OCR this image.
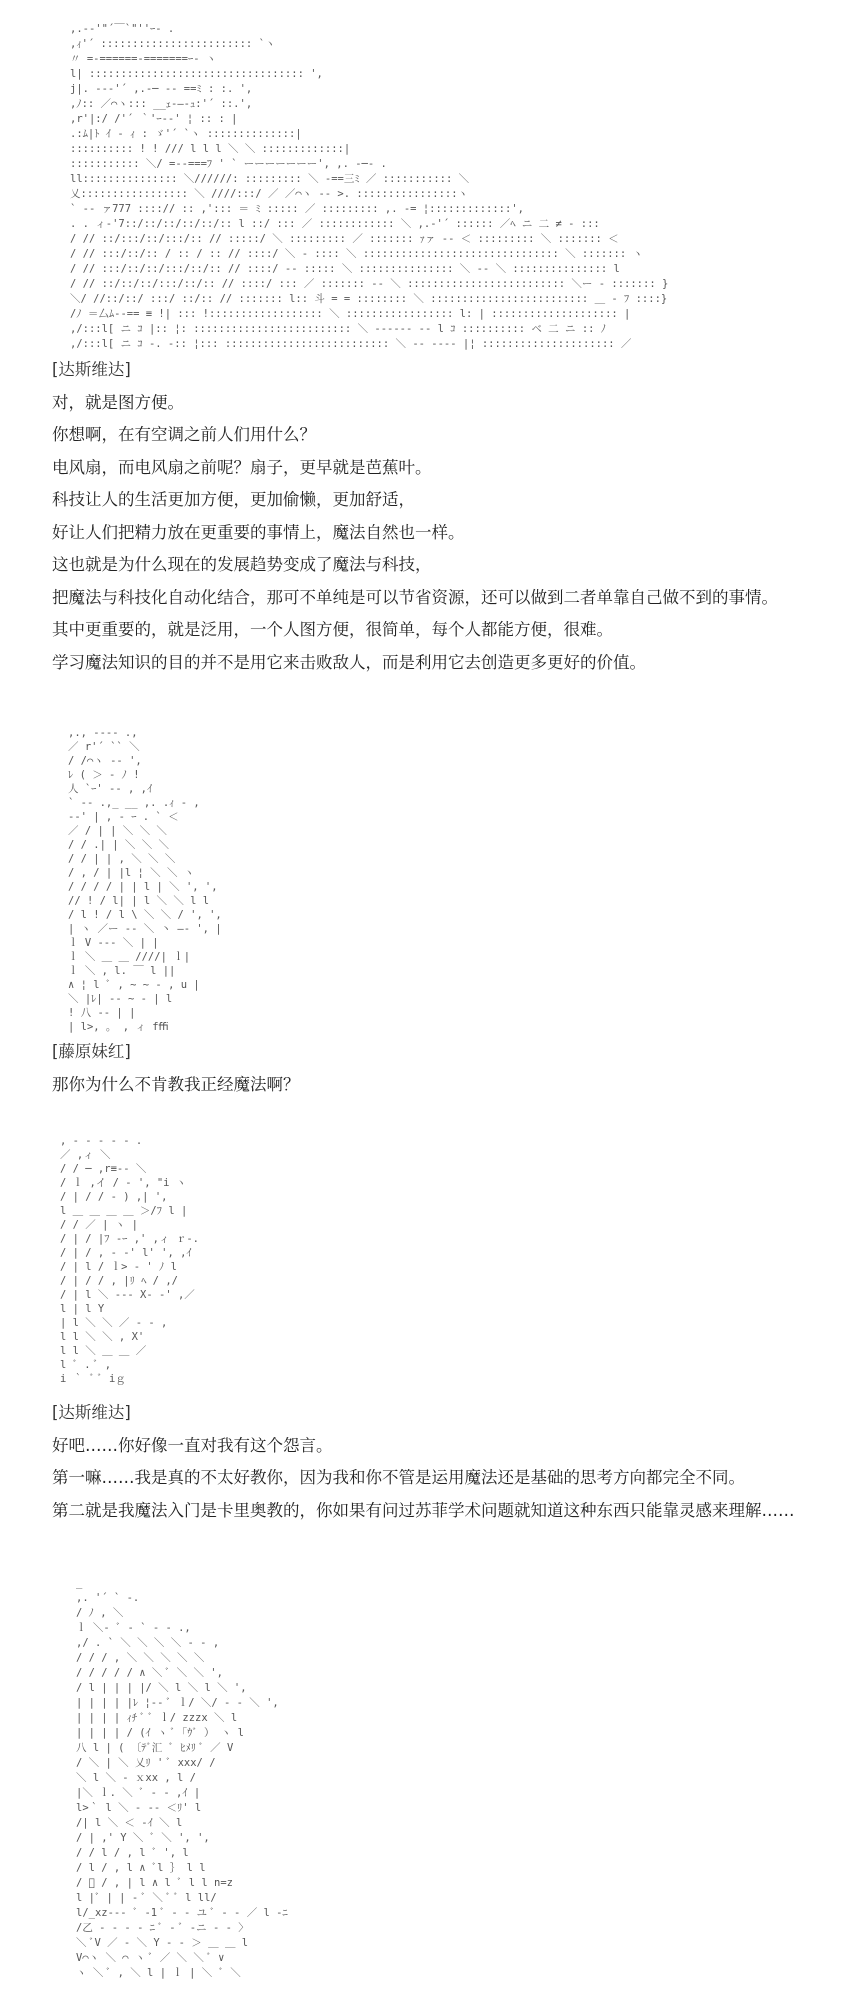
,.-‐'"´￣`"''ｰ- .
,ｨ'´ :::::::::::::::::::::::: `ヽ
〃 =-======-=======ｰ- ヽ
l| :::::::::::::::::::::::::::::::::: ',
j|. ‐-‐'´ ,.-─ -- ==ﾐ : :. ',
,ﾉ:: ／⌒ヽ::: __ｪ-―-ｭ:'´ ::.',
,r'|:/ /'´ ｀'ｰ-‐' ¦ :: : |
.:ﾑ|ﾄ ｲ - ｨ : ゞ'´ `ヽ ::::::::::::::|
:::::::::: ! ! /// l l l ＼ ＼ :::::::::::::|
::::::::::: ＼/ =-‐===ﾌ ' ` ーーーーーーー', ,. -─- .
ll::::::::::::::: ＼//////: ::::::::: ＼ ‐==三ﾐ ／ ::::::::::: ＼
乂::::::::::::::::: ＼ ////:::/ ／ ／⌒ヽ ‐- >. ::::::::::::::::ヽ
` ‐- ァ777 ::::// :: ,'::: ＝ ﾐ ::::: ／ ::::::::: ,. -= ¦:::::::::::::',
. . ィ‐'7::/::/::/::/::/:: l ::/ ::: ／ :::::::::::: ＼ ,.-'´ :::::: ／ﾍ ニ 二 ≠ ‐ :::
/ // ::/:::/::/:::/:: // :::::/ ＼ ::::::::: ／ ::::::: ｧァ ‐‐ ＜ ::::::::: ＼ ::::::: ＜
/ // :::/::/:: / :: / :: // ::::/ ＼ ‐ :::: ＼ ::::::::::::::::::::::::::::::: ＼ ::::::: ヽ
/ // :::/::/::/:::/::/:: // ::::/ ‐‐ ::::: ＼ ::::::::::::::: ＼ ‐‐ ＼ ::::::::::::::: l
/ // ::/::/::/:::/::/:: // ::::/ ::: ／ ::::::: ‐‐ ＼ ::::::::::::::::::::::::: ＼ー ‐ ::::::: }
＼/ //::/::/ :::/ ::/:: // ::::::: l:: 斗 = = :::::::: ＼ ::::::::::::::::::::::::: ＿ ‐ ﾌ ::::}
/ﾉ ＝厶ﾑ‐‐== ≡ !| ::: !:::::::::::::::::: ＼ ::::::::::::::::: l: | :::::::::::::::::::: |
,/:::l[ ニ ｺ |:: ¦: ::::::::::::::::::::::::: ＼ ‐‐‐‐‐‐ ‐‐ l ｺ :::::::::: ベ 二 ニ :: ﾉ
,/:::l[ ニ ｺ ‐. ‐:: ¦::: :::::::::::::::::::::::::: ＼ ‐‐ ‐‐‐‐ |¦ ::::::::::::::::::::: ／
[达斯维达]
对，就是图方便。
你想啊，在有空调之前人们用什么？
电风扇，而电风扇之前呢？扇子，更早就是芭蕉叶。
科技让人的生活更加方便，更加偷懒，更加舒适，
好让人们把精力放在更重要的事情上，魔法自然也一样。
这也就是为什么现在的发展趋势变成了魔法与科技，
把魔法与科技化自动化结合，那可不单纯是可以节省资源，还可以做到二者单靠自己做不到的事情。
其中更重要的，就是泛用，一个人图方便，很简单，每个人都能方便，很难。
学习魔法知识的目的并不是用它来击败敌人，而是利用它去创造更多更好的价值。
,., ‐‐‐‐ .,
／ r'´ `` ＼
/ /⌒ヽ ‐- ',
ﾚ ( ＞ - ﾉ !
人 `ｰ' ‐- , ,ｲ
` ‐- .,_ __ ,. .ｨ - ,
-‐' | , ‐ ｰ . ` ＜
／ / | | ＼ ＼ ＼
/ / .| | ＼ ＼ ＼
/ / | | , ＼ ＼ ＼
/ , / | |l ¦ ＼ ＼ ヽ
/ / / / | | l | ＼ ', ',
// ! / l| | l ＼ ＼ l l
/ l ! / l \ ＼ ＼ / ', ',
| ヽ ／ー ‐- ＼ 丶 ―‐ ', |
ｌ V ‐‐‐ ＼ | |
ｌ ＼ ＿ ＿ ////| ｌ|
ｌ ＼ , l. ￣ l ||
∧ ¦ l ﾞ , ~ ~ ‐ , u |
＼ |ﾚ| ‐‐ ~ ‐ | l
! 八 ‐‐ | |
| l>, 。 , ィ fﬃ
[藤原妹红]
那你为什么不肯教我正经魔法啊？
, ‐ ‐ - ‐ ‐ .
／ ,ィ ＼
/ / ─ ,r≡‐- ＼
/ ｌ ,イ / - ', "i ヽ
/ | / / ‐ ) ,| ',
l ＿ ＿ ＿ ＿ ＞/ﾌ l |
/ / ／ | ヽ |
/ | / |ﾌ ‐ｰ ,' ,ィ ｒ‐.
/ | / , ‐ ‐' l' ', ,ｲ
/ | l / ｌ> ‐ ' ﾉ l
/ | / / , |ﾘ ﾍ / ,/
/ | l ＼ ‐‐‐ X‐ ‐' ,／
l | l Y
| l ＼ ＼ ／ ‐ ‐ ,
l l ＼ ＼ , X'
l l ＼ ＿ ＿ ／
l ﾞ . ﾞ ,
i ｀ ﾞ ﾞ iｇ
[达斯维达]
好吧……你好像一直对我有这个怨言。
第一嘛……我是真的不太好教你，因为我和你不管是运用魔法还是基础的思考方向都完全不同。
第二就是我魔法入门是卡里奥教的，你如果有问过苏菲学术问题就知道这种东西只能靠灵感来理解……
_
,. '´ ` ‐.
/ ﾉ , ＼
ｌ ＼- ﾞ ‐ ` ‐ ‐ .,
,/ . ` ＼ ＼ ＼ ＼ ‐ ‐ ,
/ / / , ＼ ＼ ＼ ＼ ＼
/ / / / / ∧ ＼ ﾞ ＼ ＼ ',
/ l | | | |/ ＼ l ＼ l ＼ ',
| | | | |ﾚ ¦‐‐ ﾞ ｌ/ ＼/ ‐ ‐ ＼ ',
| | | | ｨﾁ ﾞ ﾞ ｌ/ zzzx ＼ l
| | | | / (ｲ ヽ ﾞ ｢ｳﾞ ） ヽ l
八 l | ( 〔ﾃﾞ汇 ﾞ ﾋﾒﾘ ﾞ ／ V
/ ＼ | ＼ 乂ﾘ ' ﾞ xxx/ /
＼ l ＼ ‐ ｘxx , l /
|＼ ｌ. ＼ ﾞ ‐ ‐ ,ｲ |
l>｀ l ＼ ‐ -‐ ＜ﾘ' l
/| l ＼ ＜ ‐ｲ ＼ l
/ | ,' Y ＼ ﾞ ＼ ', ',
/ / l / , l ﾞ ', l
/ l / , l ∧ ﾞl ｝ l l
/ ﾞ / , | l ∧ l ﾞ l l n=z
l |ﾞ | | ‐ ﾞ ＼ ﾞ ﾞ l ll/
l/_xz‐‐‐ ﾞ ‐1 ﾞ ‐ ‐ ユ ﾞ ‐ ‐ ／ l ‐ﾆ
/乙 ‐ ‐ ‐ ‐ ﾆ ﾞ ‐ ﾞ ‐ニ ‐ ‐ 〉
＼ ﾞV ／ ‐ ＼ Y ‐ ‐ ＞ ＿ ＿ l
V⌒ヽ ＼ ⌒ ヽ ﾞ ／ ＼ ＼ ﾞ ∨
ヽ ＼ ﾞ , ＼ l | ｌ | ＼ ﾞ ＼
